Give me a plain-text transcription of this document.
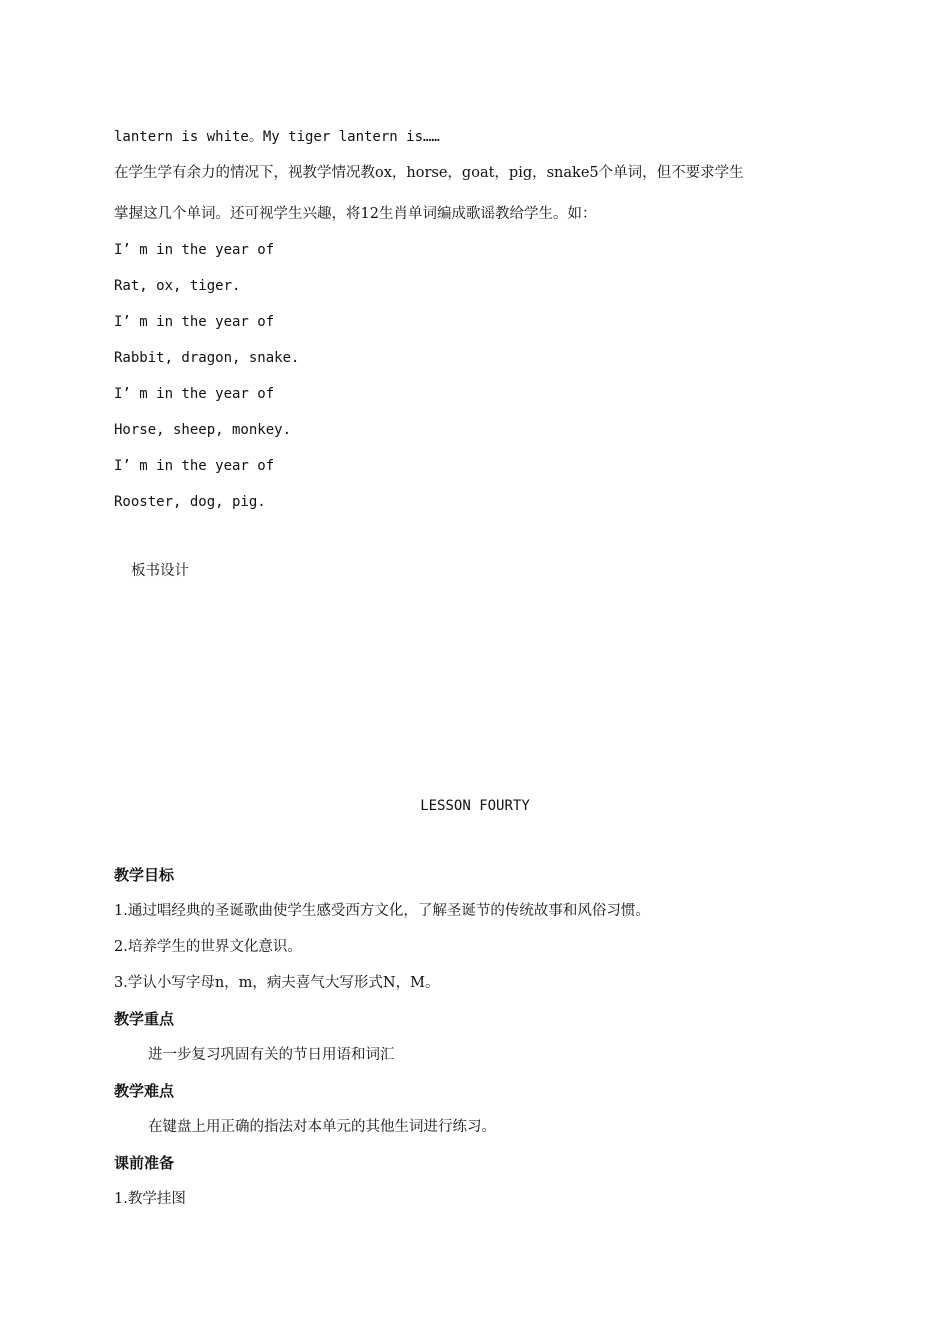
lantern is white。My tiger lantern is……
在学生学有余力的情况下，视教学情况教ox，horse，goat，pig，snake5个单词，但不要求学生
掌握这几个单词。还可视学生兴趣，将12生肖单词编成歌谣教给学生。如：
I’ m in the year of
Rat, ox, tiger.
I’ m in the year of
Rabbit, dragon, snake.
I’ m in the year of
Horse, sheep, monkey.
I’ m in the year of
Rooster, dog, pig.
板书设计
LESSON FOURTY
教学目标
1.通过唱经典的圣诞歌曲使学生感受西方文化，了解圣诞节的传统故事和风俗习惯。
2.培养学生的世界文化意识。
3.学认小写字母n，m，病夫喜气大写形式N，M。
教学重点
进一步复习巩固有关的节日用语和词汇
教学难点
在键盘上用正确的指法对本单元的其他生词进行练习。
课前准备
1.教学挂图
